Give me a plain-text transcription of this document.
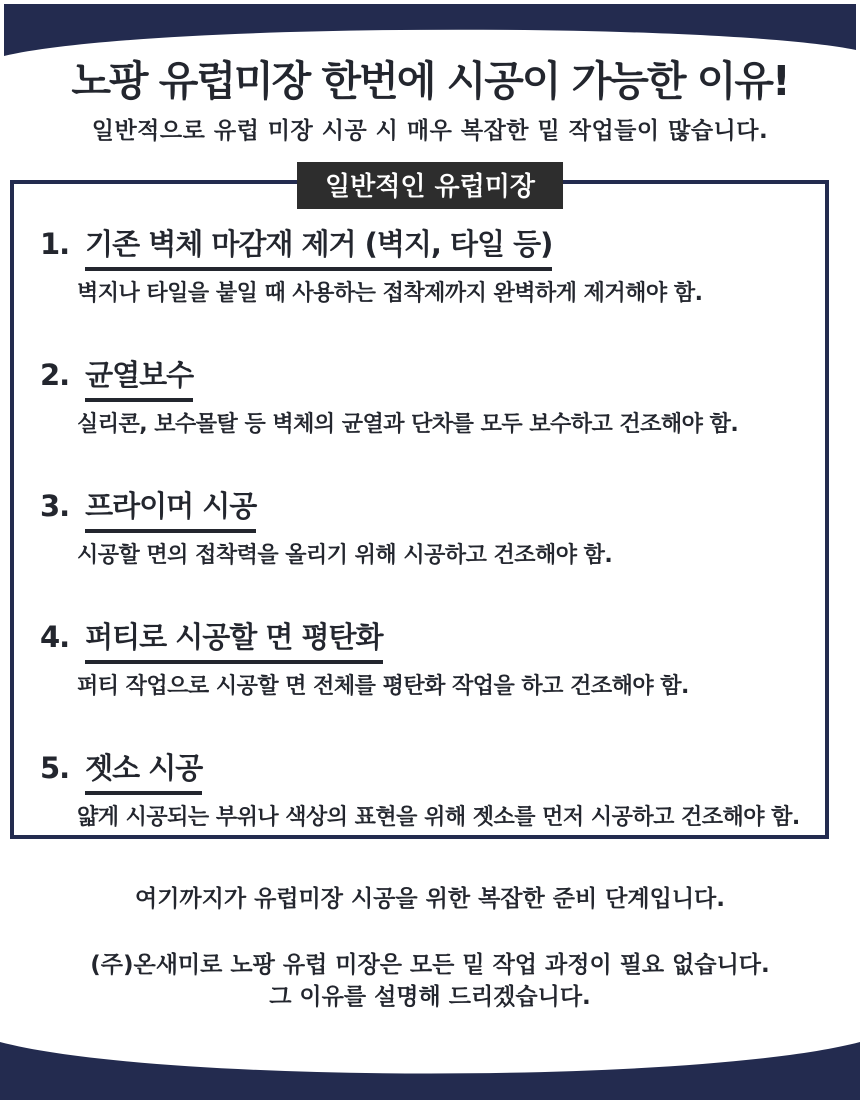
노팡 유럽미장 한번에 시공이 가능한 이유!
일반적으로 유럽 미장 시공 시 매우 복잡한 밑 작업들이 많습니다.
일반적인 유럽미장
1. 기존 벽체 마감재 제거 (벽지, 타일 등)
벽지나 타일을 붙일 때 사용하는 접착제까지 완벽하게 제거해야 함.
2. 균열보수
실리콘, 보수몰탈 등 벽체의 균열과 단차를 모두 보수하고 건조해야 함.
3. 프라이머 시공
시공할 면의 접착력을 올리기 위해 시공하고 건조해야 함.
4. 퍼티로 시공할 면 평탄화
퍼티 작업으로 시공할 면 전체를 평탄화 작업을 하고 건조해야 함.
5. 젯소 시공
얇게 시공되는 부위나 색상의 표현을 위해 젯소를 먼저 시공하고 건조해야 함.
여기까지가 유럽미장 시공을 위한 복잡한 준비 단계입니다.
(주)온새미로 노팡 유럽 미장은 모든 밑 작업 과정이 필요 없습니다.
그 이유를 설명해 드리겠습니다.
